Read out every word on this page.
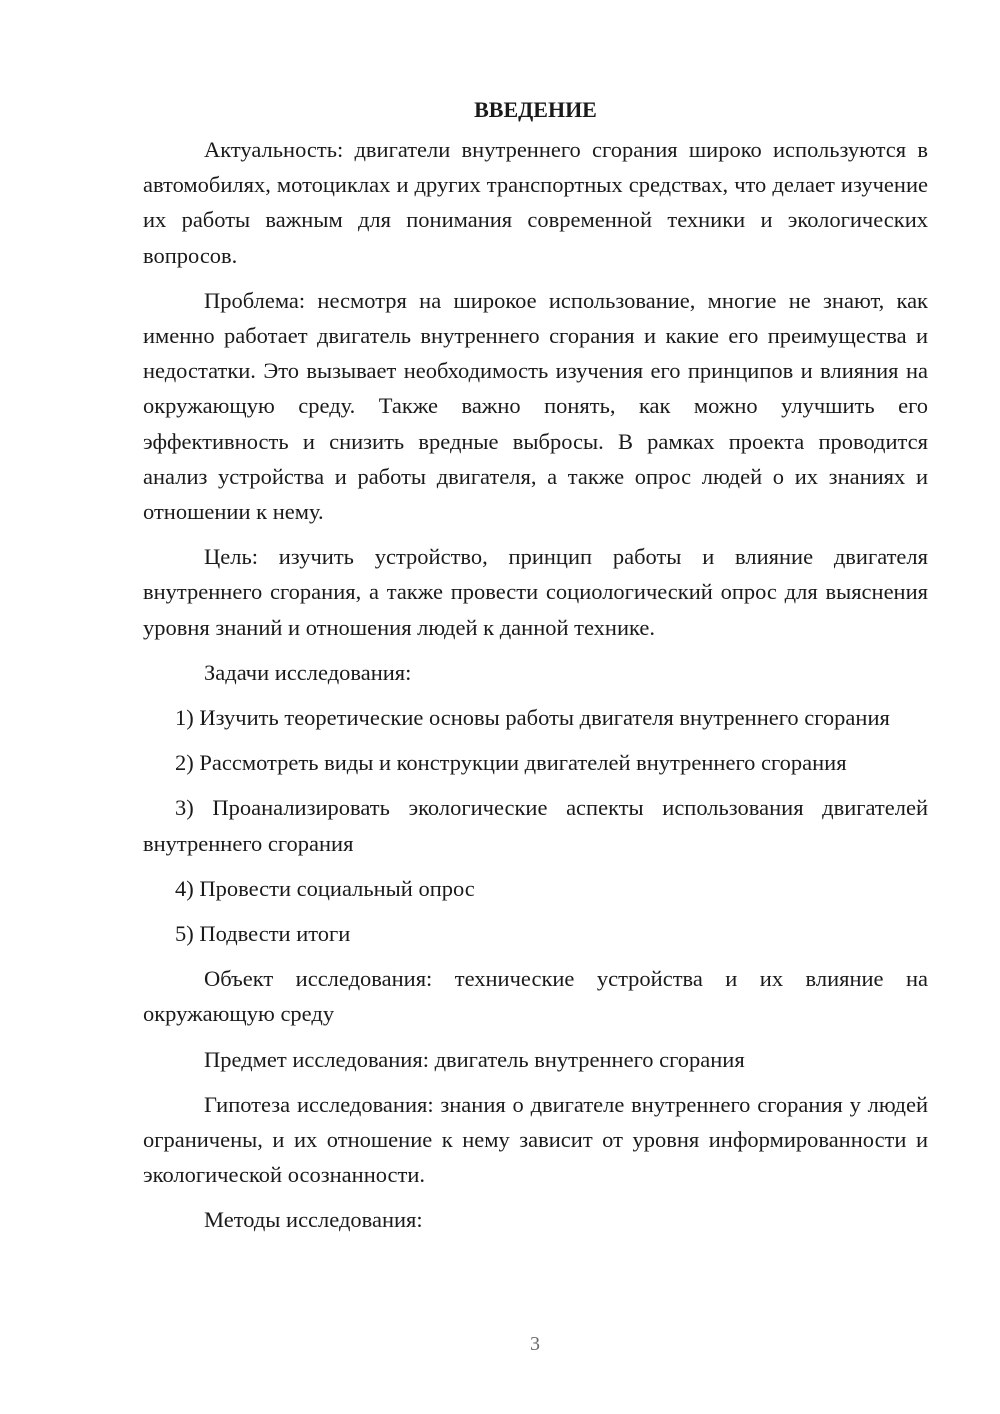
ВВЕДЕНИЕ

Актуальность: двигатели внутреннего сгорания широко используются в автомобилях, мотоциклах и других транспортных средствах, что делает изучение их работы важным для понимания современной техники и экологических вопросов.

Проблема: несмотря на широкое использование, многие не знают, как именно работает двигатель внутреннего сгорания и какие его преимущества и недостатки. Это вызывает необходимость изучения его принципов и влияния на окружающую среду. Также важно понять, как можно улучшить его эффективность и снизить вредные выбросы. В рамках проекта проводится анализ устройства и работы двигателя, а также опрос людей о их знаниях и отношении к нему.

Цель: изучить устройство, принцип работы и влияние двигателя внутреннего сгорания, а также провести социологический опрос для выяснения уровня знаний и отношения людей к данной технике.

Задачи исследования:

1) Изучить теоретические основы работы двигателя внутреннего сгорания

2) Рассмотреть виды и конструкции двигателей внутреннего сгорания

3) Проанализировать экологические аспекты использования двигателей внутреннего сгорания

4) Провести социальный опрос

5) Подвести итоги

Объект исследования: технические устройства и их влияние на окружающую среду

Предмет исследования: двигатель внутреннего сгорания

Гипотеза исследования: знания о двигателе внутреннего сгорания у людей ограничены, и их отношение к нему зависит от уровня информированности и экологической осознанности.

Методы исследования:

3
